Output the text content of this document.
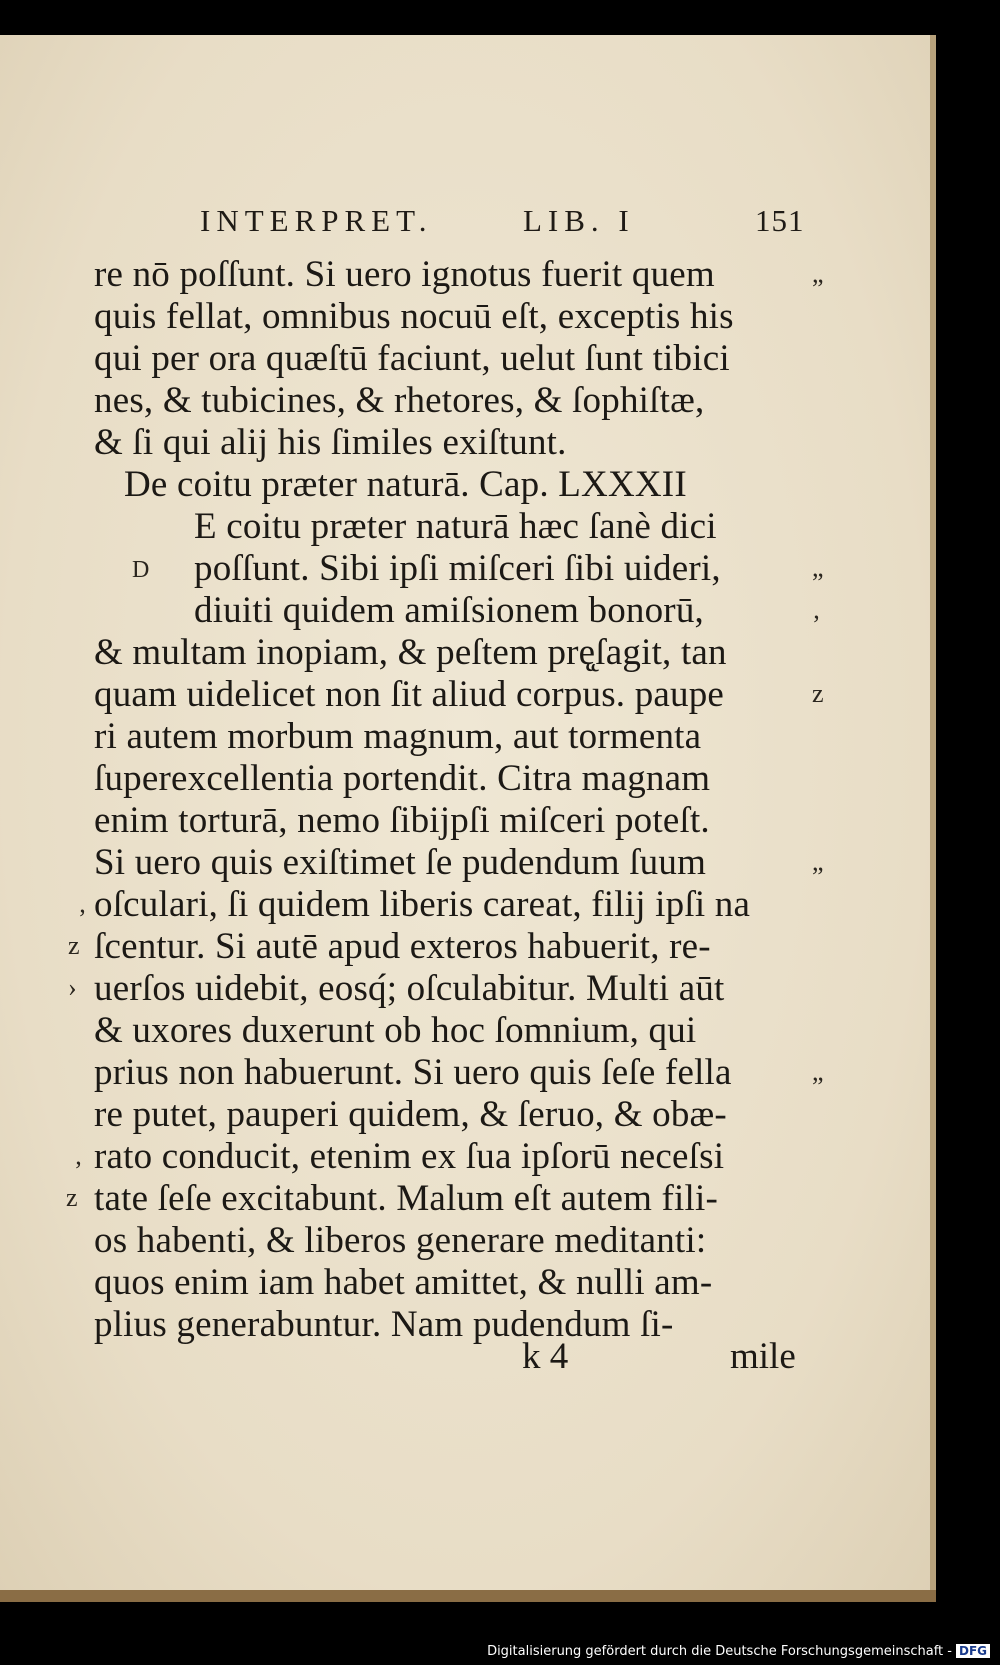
INTERPRET.	LIB. I	151
re nō poſſunt. Si uero ignotus fuerit quem
quis fellat, omnibus nocuū eſt, exceptis his
qui per ora quæſtū faciunt, uelut ſunt tibici
nes, & tubicines, & rhetores, & ſophiſtæ,
& ſi qui alij his ſimiles exiſtunt.
De coitu præter naturā. Cap. LXXXII
E coitu præter naturā hæc ſanè dici
poſſunt. Sibi ipſi miſceri ſibi uideri,
diuiti quidem amiſsionem bonorū,
& multam inopiam, & peſtem prę̨ſagit, tan
quam uidelicet non ſit aliud corpus. paupe
ri autem morbum magnum, aut tormenta
ſuperexcellentia portendit. Citra magnam
enim torturā, nemo ſibijpſi miſceri poteſt.
Si uero quis exiſtimet ſe pudendum ſuum
oſculari, ſi quidem liberis careat, filij ipſi na
ſcentur. Si autē apud exteros habuerit, re-
uerſos uidebit, eosq́; oſculabitur. Multi aūt
& uxores duxerunt ob hoc ſomnium, qui
prius non habuerunt. Si uero quis ſeſe fella
re putet, pauperi quidem, & ſeruo, & obæ-
rato conducit, etenim ex ſua ipſorū neceſsi
tate ſeſe excitabunt. Malum eſt autem fili-
os habenti, & liberos generare meditanti:
quos enim iam habet amittet, & nulli am-
plius generabuntur. Nam pudendum ſi-
D
„
„
‚
z
„
‚
z
›
„
‚
z
k 4	mile
Digitalisierung gefördert durch die Deutsche Forschungsgemeinschaft - DFG
